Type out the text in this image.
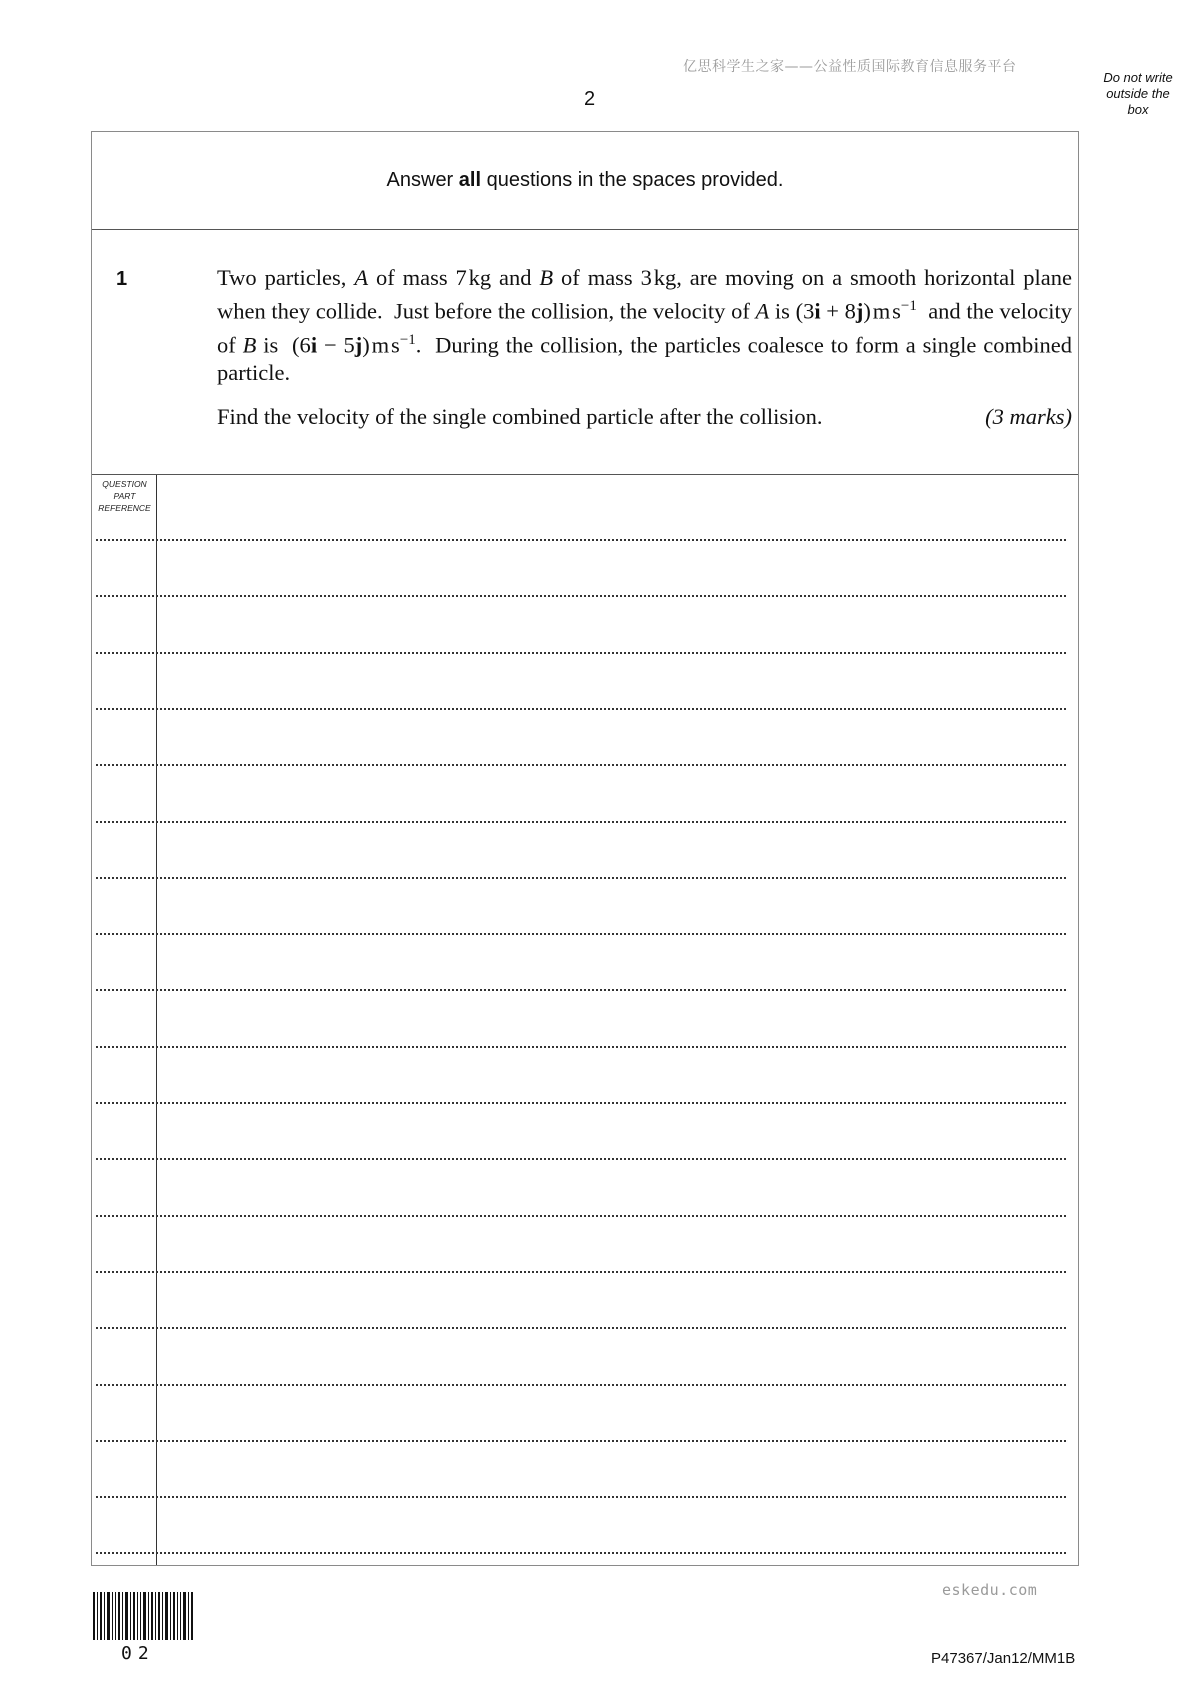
亿思科学生之家——公益性质国际教育信息服务平台
2
Do not write
outside the
box
Answer all questions in the spaces provided.
1	Two particles, A of mass 7 kg and B of mass 3 kg, are moving on a smooth horizontal plane when they collide.  Just before the collision, the velocity of A is (3i + 8j) m $s^{-1}$  and the velocity of B is  (6i − 5j) m $s^{-1}$.  During the collision, the particles coalesce to form a single combined particle.

Find the velocity of the single combined particle after the collision.	(3 marks)
QUESTION
PART
REFERENCE
eskedu.com
02	P47367/Jan12/MM1B
